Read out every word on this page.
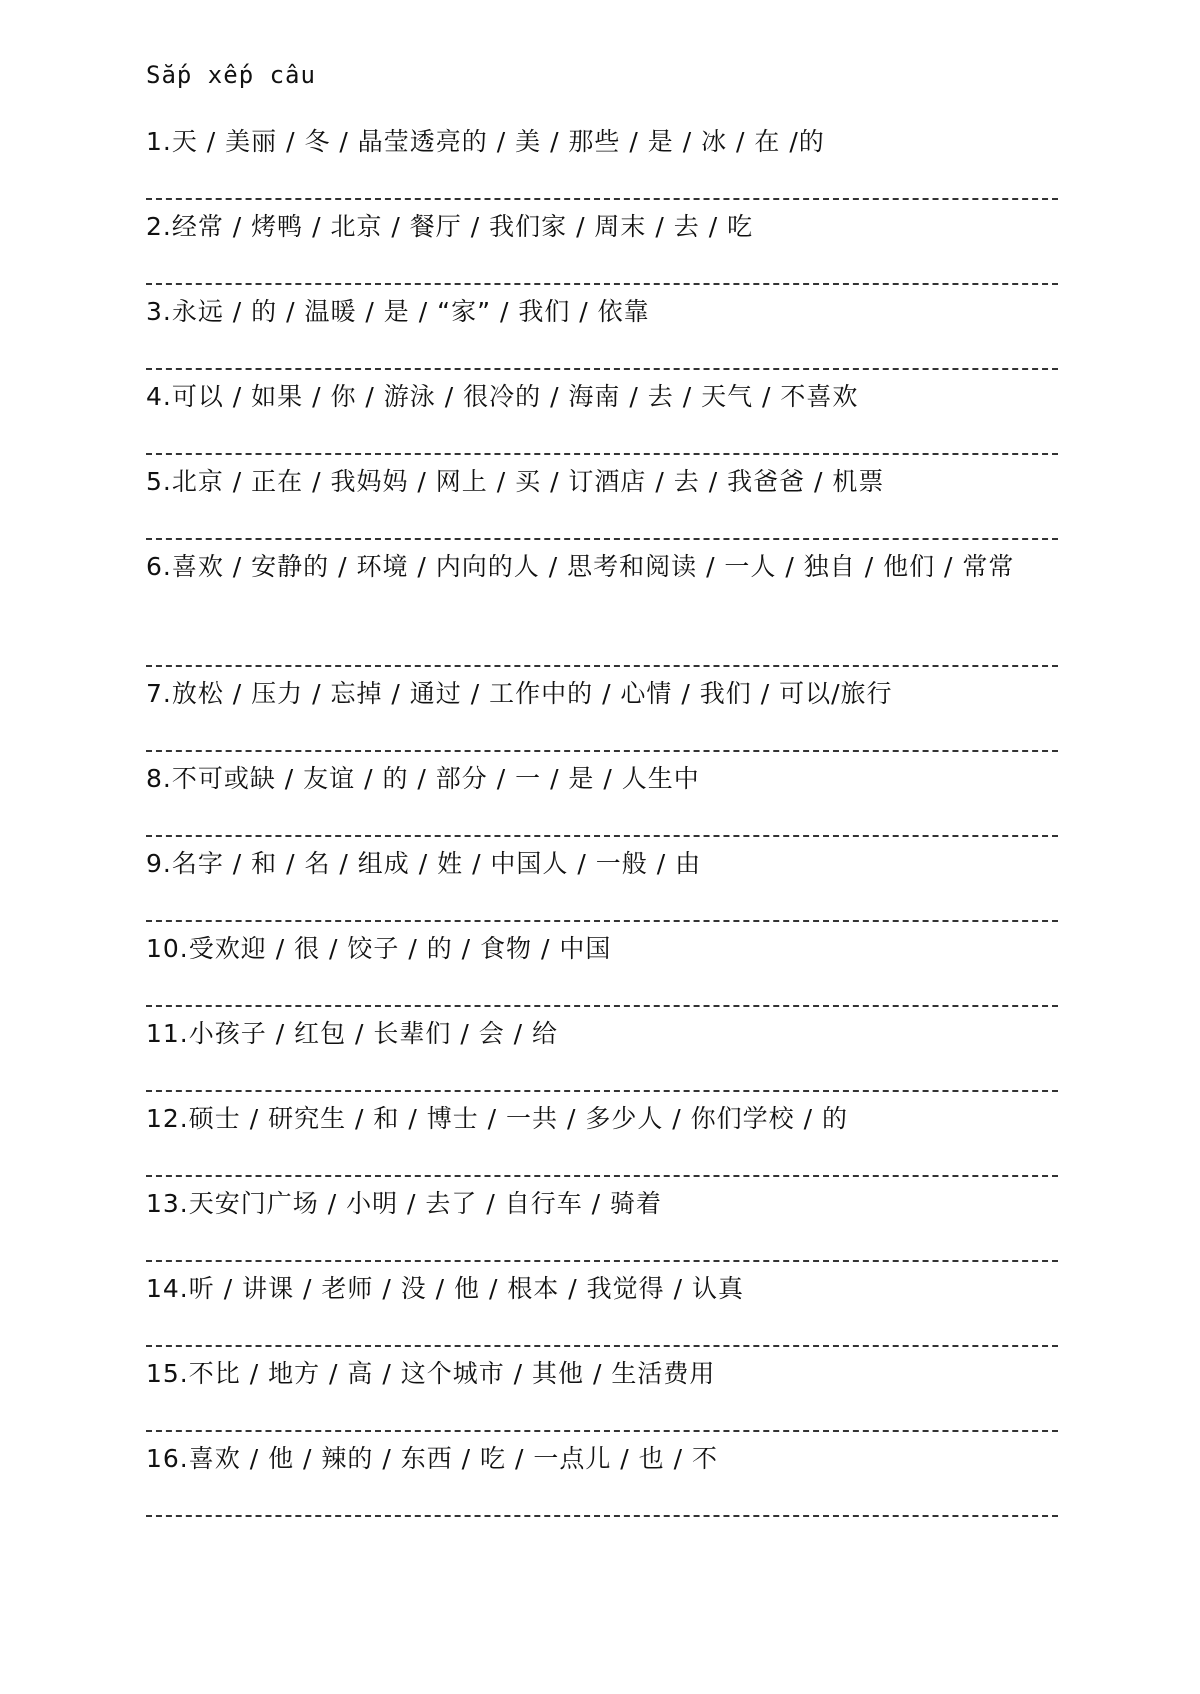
Sắp xếp câu
1.天 / 美丽 / 冬 / 晶莹透亮的 / 美 / 那些 / 是 / 冰 / 在 /的
2.经常 / 烤鸭 / 北京 / 餐厅 / 我们家 / 周末 / 去 / 吃
3.永远 / 的 / 温暖 / 是 / “家” / 我们 / 依靠
4.可以 / 如果 / 你 / 游泳 / 很冷的 / 海南 / 去 / 天气 / 不喜欢
5.北京 / 正在 / 我妈妈 / 网上 / 买 / 订酒店 / 去 / 我爸爸 / 机票
6.喜欢 / 安静的 / 环境 / 内向的人 / 思考和阅读 / 一人 / 独自 / 他们 / 常常
7.放松 / 压力 / 忘掉 / 通过 / 工作中的 / 心情 / 我们 / 可以/旅行
8.不可或缺 / 友谊 / 的 / 部分 / 一 / 是 / 人生中
9.名字 / 和 / 名 / 组成 / 姓 / 中国人 / 一般 / 由
10.受欢迎 / 很 / 饺子 / 的 / 食物 / 中国
11.小孩子 / 红包 / 长辈们 / 会 / 给
12.硕士 / 研究生 / 和 / 博士 / 一共 / 多少人 / 你们学校 / 的
13.天安门广场 / 小明 / 去了 / 自行车 / 骑着
14.听 / 讲课 / 老师 / 没 / 他 / 根本 / 我觉得 / 认真
15.不比 / 地方 / 高 / 这个城市 / 其他 / 生活费用
16.喜欢 / 他 / 辣的 / 东西 / 吃 / 一点儿 / 也 / 不
